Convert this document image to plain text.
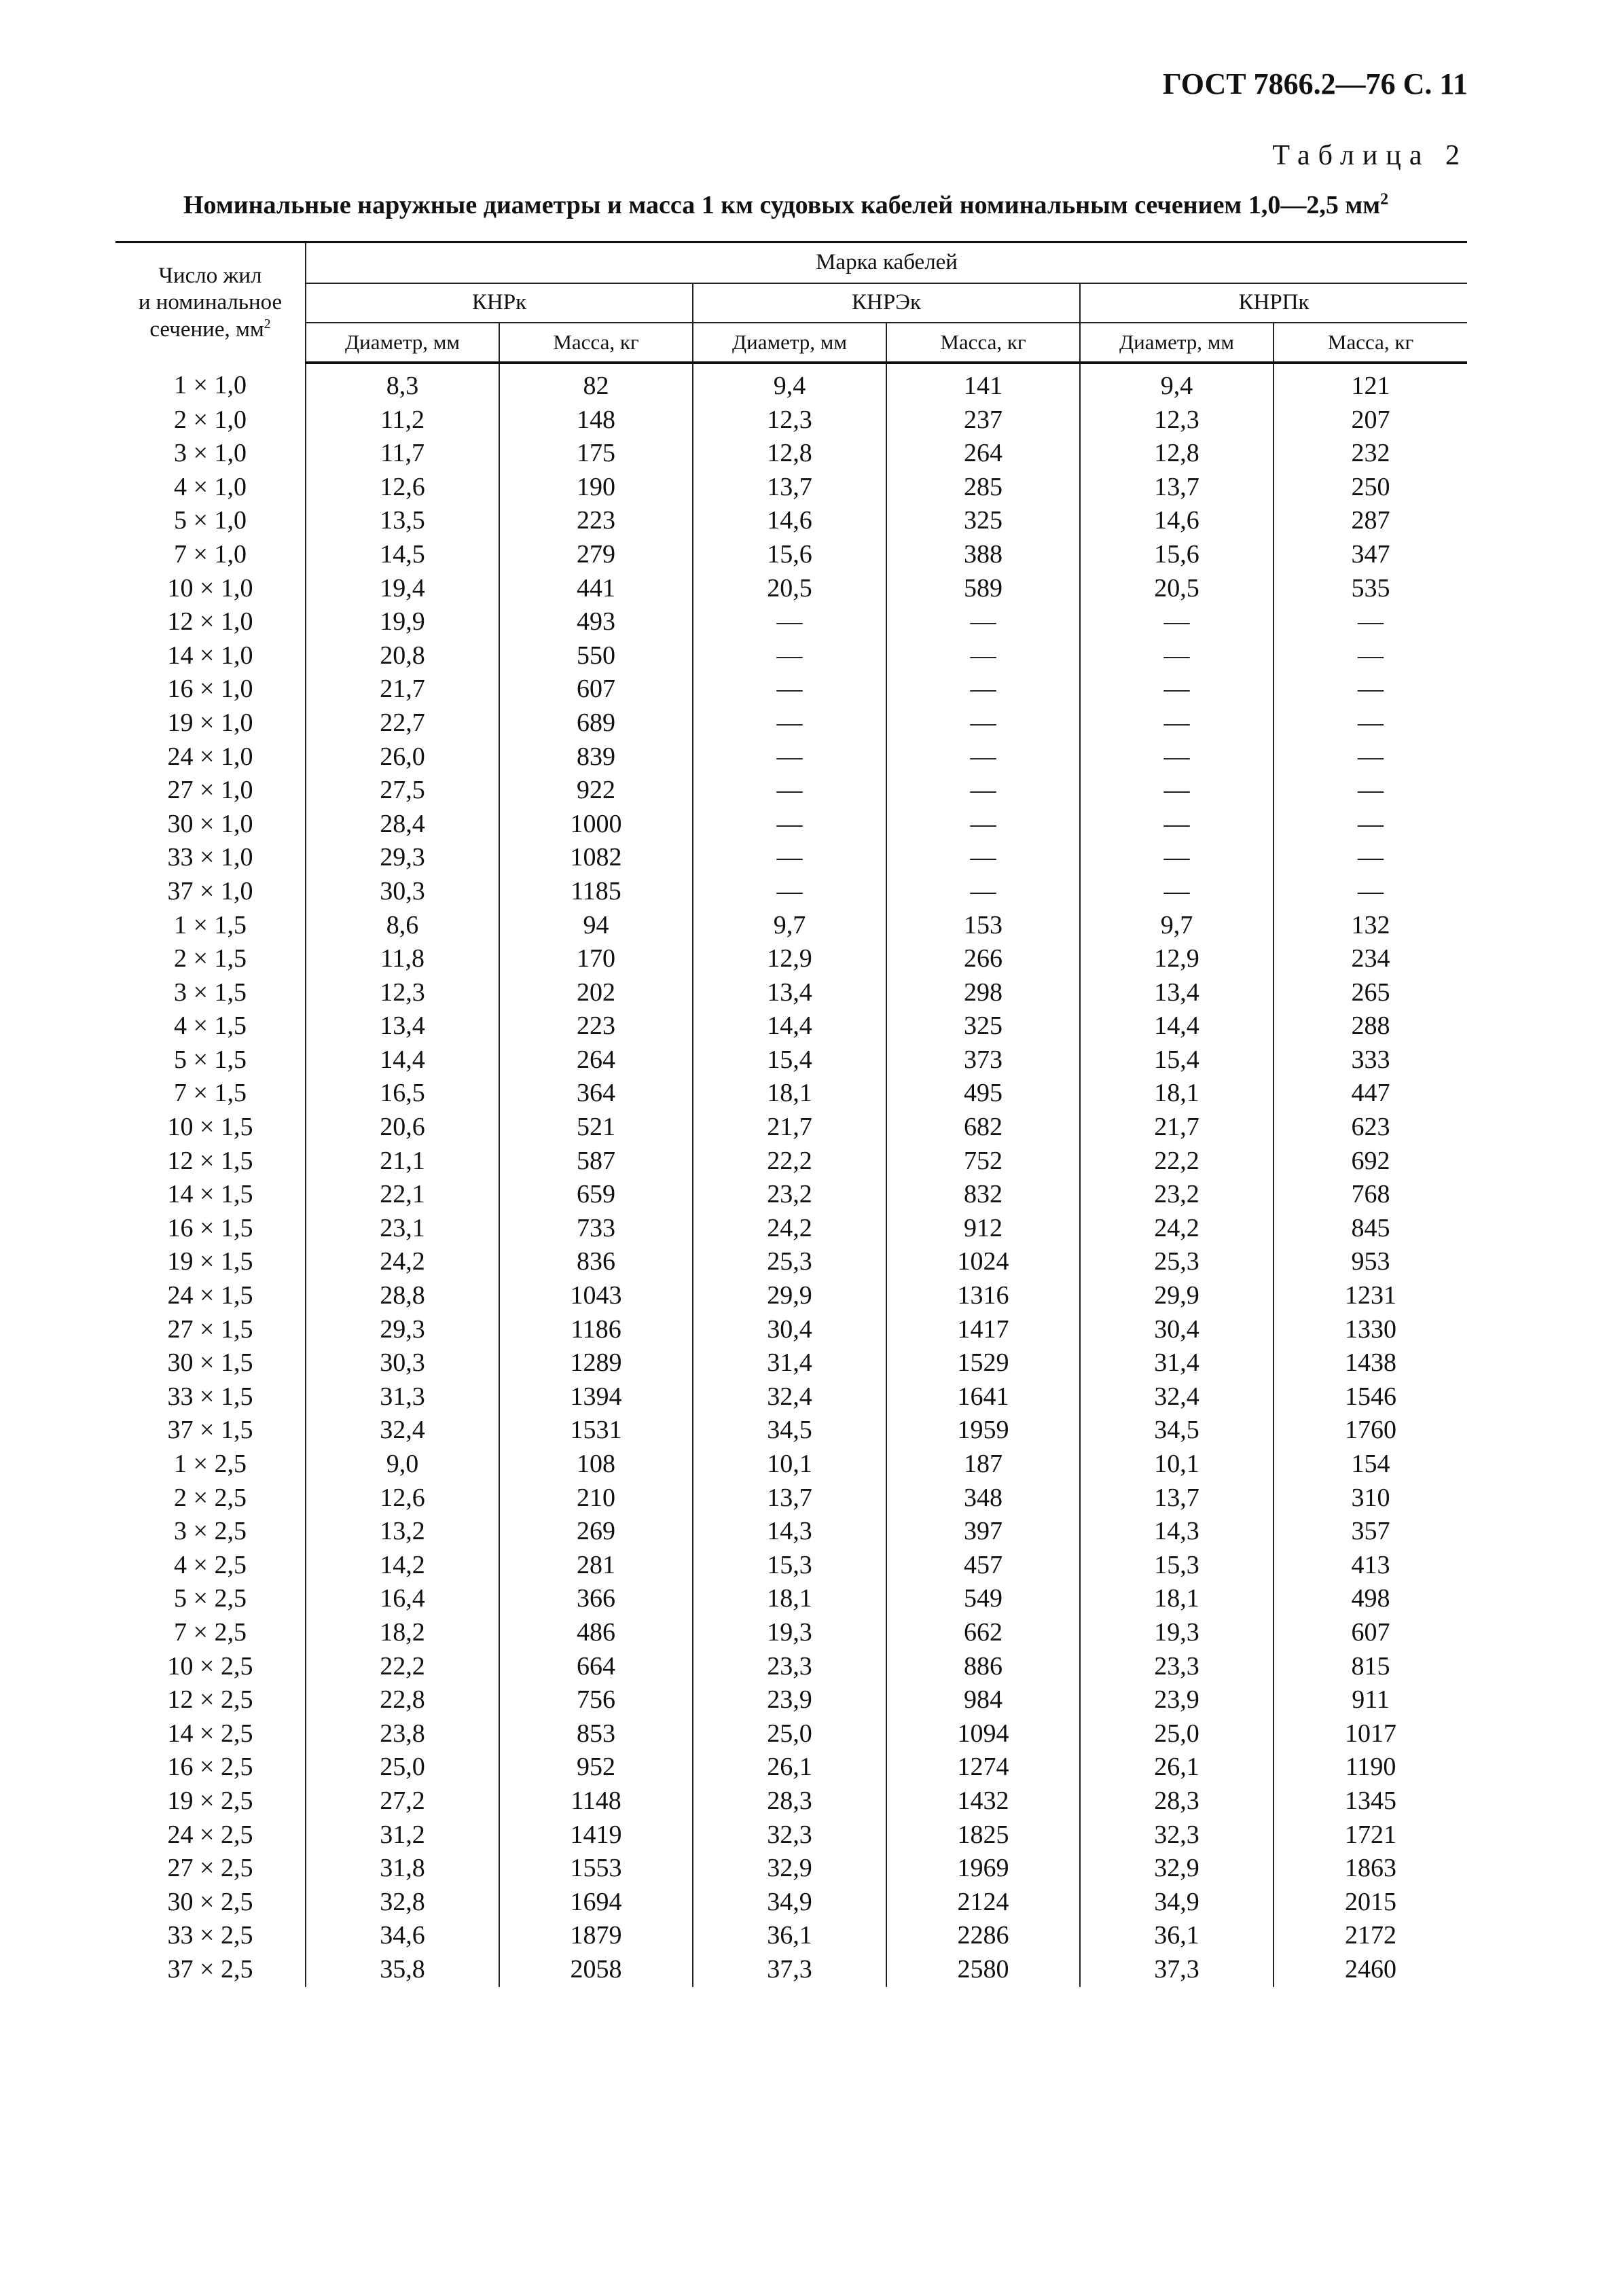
ГОСТ 7866.2—76 С. 11
Таблица 2
Номинальные наружные диаметры и масса 1 км судовых кабелей номинальным сечением 1,0—2,5 $мм^2$
Число жил
и номинальное
сечение, $мм^2$	Марка кабелей					
	КНРк		КНРЭк		КНРПк	
	Диаметр, мм	Масса, кг	Диаметр, мм	Масса, кг	Диаметр, мм	Масса, кг
1 × 1,0	8,3	82	9,4	141	9,4	121
2 × 1,0	11,2	148	12,3	237	12,3	207
3 × 1,0	11,7	175	12,8	264	12,8	232
4 × 1,0	12,6	190	13,7	285	13,7	250
5 × 1,0	13,5	223	14,6	325	14,6	287
7 × 1,0	14,5	279	15,6	388	15,6	347
10 × 1,0	19,4	441	20,5	589	20,5	535
12 × 1,0	19,9	493	—	—	—	—
14 × 1,0	20,8	550	—	—	—	—
16 × 1,0	21,7	607	—	—	—	—
19 × 1,0	22,7	689	—	—	—	—
24 × 1,0	26,0	839	—	—	—	—
27 × 1,0	27,5	922	—	—	—	—
30 × 1,0	28,4	1000	—	—	—	—
33 × 1,0	29,3	1082	—	—	—	—
37 × 1,0	30,3	1185	—	—	—	—
1 × 1,5	8,6	94	9,7	153	9,7	132
2 × 1,5	11,8	170	12,9	266	12,9	234
3 × 1,5	12,3	202	13,4	298	13,4	265
4 × 1,5	13,4	223	14,4	325	14,4	288
5 × 1,5	14,4	264	15,4	373	15,4	333
7 × 1,5	16,5	364	18,1	495	18,1	447
10 × 1,5	20,6	521	21,7	682	21,7	623
12 × 1,5	21,1	587	22,2	752	22,2	692
14 × 1,5	22,1	659	23,2	832	23,2	768
16 × 1,5	23,1	733	24,2	912	24,2	845
19 × 1,5	24,2	836	25,3	1024	25,3	953
24 × 1,5	28,8	1043	29,9	1316	29,9	1231
27 × 1,5	29,3	1186	30,4	1417	30,4	1330
30 × 1,5	30,3	1289	31,4	1529	31,4	1438
33 × 1,5	31,3	1394	32,4	1641	32,4	1546
37 × 1,5	32,4	1531	34,5	1959	34,5	1760
1 × 2,5	9,0	108	10,1	187	10,1	154
2 × 2,5	12,6	210	13,7	348	13,7	310
3 × 2,5	13,2	269	14,3	397	14,3	357
4 × 2,5	14,2	281	15,3	457	15,3	413
5 × 2,5	16,4	366	18,1	549	18,1	498
7 × 2,5	18,2	486	19,3	662	19,3	607
10 × 2,5	22,2	664	23,3	886	23,3	815
12 × 2,5	22,8	756	23,9	984	23,9	911
14 × 2,5	23,8	853	25,0	1094	25,0	1017
16 × 2,5	25,0	952	26,1	1274	26,1	1190
19 × 2,5	27,2	1148	28,3	1432	28,3	1345
24 × 2,5	31,2	1419	32,3	1825	32,3	1721
27 × 2,5	31,8	1553	32,9	1969	32,9	1863
30 × 2,5	32,8	1694	34,9	2124	34,9	2015
33 × 2,5	34,6	1879	36,1	2286	36,1	2172
37 × 2,5	35,8	2058	37,3	2580	37,3	2460
